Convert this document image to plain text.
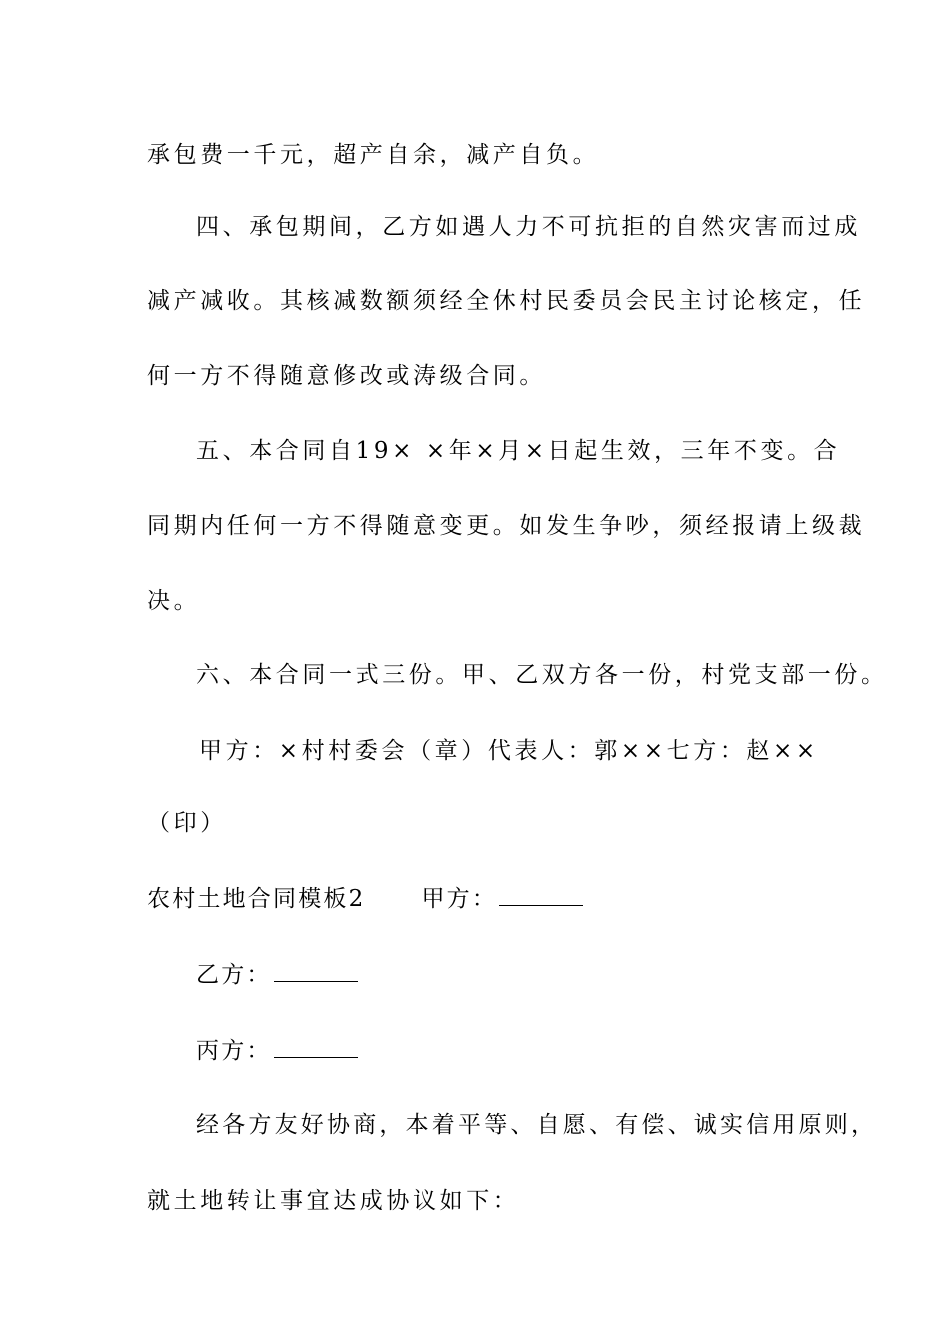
承包费一千元，超产自余，减产自负。
四、承包期间，乙方如遇人力不可抗拒的自然灾害而过成
减产减收。其核减数额须经全休村民委员会民主讨论核定，任
何一方不得随意修改或涛级合同。
五、本合同自19× ×年×月×日起生效，三年不变。合
同期内任何一方不得随意变更。如发生争吵，须经报请上级裁
决。
六、本合同一式三份。甲、乙双方各一份，村党支部一份。
甲方：×村村委会（章）代表人：郭××七方：赵××
（印）
农村土地合同模板2 甲方：
乙方：
丙方：
经各方友好协商，本着平等、自愿、有偿、诚实信用原则，
就土地转让事宜达成协议如下：
